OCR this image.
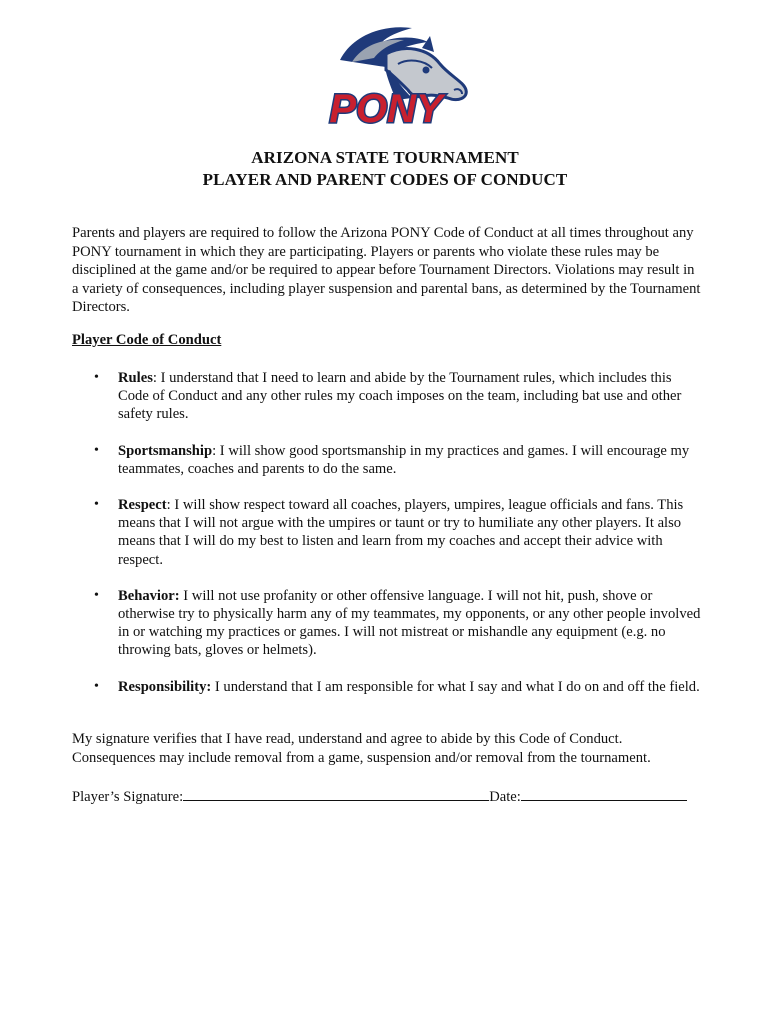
PONY
ARIZONA STATE TOURNAMENT
PLAYER AND PARENT CODES OF CONDUCT
Parents and players are required to follow the Arizona PONY Code of Conduct at all times throughout any PONY tournament in which they are participating. Players or parents who violate these rules may be disciplined at the game and/or be required to appear before Tournament Directors. Violations may result in a variety of consequences, including player suspension and parental bans, as determined by the Tournament Directors.
Player Code of Conduct
• Rules: I understand that I need to learn and abide by the Tournament rules, which includes this Code of Conduct and any other rules my coach imposes on the team, including bat use and other safety rules.
• Sportsmanship: I will show good sportsmanship in my practices and games. I will encourage my teammates, coaches and parents to do the same.
• Respect: I will show respect toward all coaches, players, umpires, league officials and fans. This means that I will not argue with the umpires or taunt or try to humiliate any other players. It also means that I will do my best to listen and learn from my coaches and accept their advice with respect.
• Behavior: I will not use profanity or other offensive language. I will not hit, push, shove or otherwise try to physically harm any of my teammates, my opponents, or any other people involved in or watching my practices or games. I will not mistreat or mishandle any equipment (e.g. no throwing bats, gloves or helmets).
• Responsibility: I understand that I am responsible for what I say and what I do on and off the field.
My signature verifies that I have read, understand and agree to abide by this Code of Conduct. Consequences may include removal from a game, suspension and/or removal from the tournament.
Player’s Signature:	Date:
